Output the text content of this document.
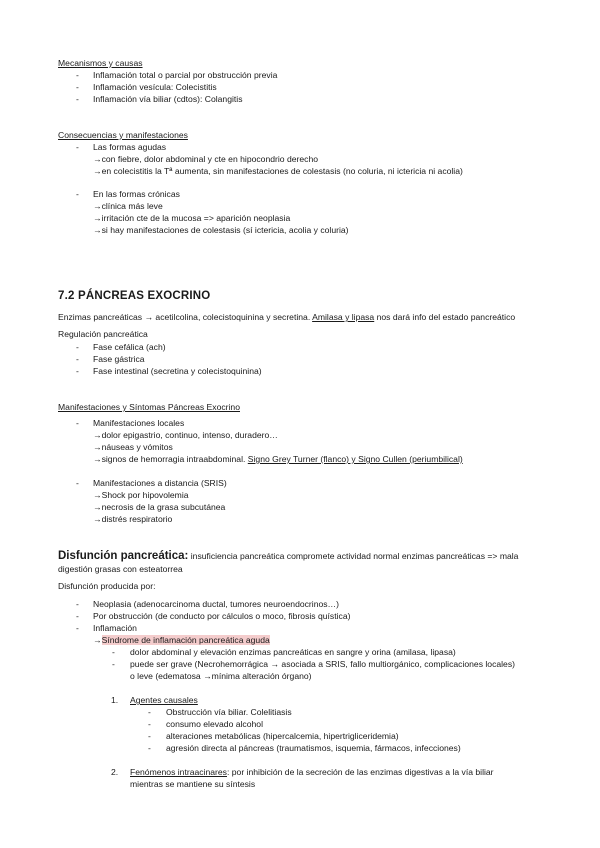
Mecanismos y causas
- Inflamación total o parcial por obstrucción previa
- Inflamación vesícula: Colecistitis
- Inflamación vía biliar (cdtos): Colangitis
Consecuencias y manifestaciones
- Las formas agudas
→con fiebre, dolor abdominal y cte en hipocondrio derecho
→en colecistitis la Tª aumenta, sin manifestaciones de colestasis (no coluria, ni ictericia ni acolia)
- En las formas crónicas
→clínica más leve
→irritación cte de la mucosa => aparición neoplasia
→si hay manifestaciones de colestasis (sí ictericia, acolia y coluria)
7.2 PÁNCREAS EXOCRINO
Enzimas pancreáticas → acetilcolina, colecistoquinina y secretina. Amilasa y lipasa nos dará info del estado pancreático
Regulación pancreática
- Fase cefálica (ach)
- Fase gástrica
- Fase intestinal (secretina y colecistoquinina)
Manifestaciones y Síntomas Páncreas Exocrino
- Manifestaciones locales
→dolor epigastrio, continuo, intenso, duradero…
→náuseas y vómitos
→signos de hemorragia intraabdominal. Signo Grey Turner (flanco) y Signo Cullen (periumbilical)
- Manifestaciones a distancia (SRIS)
→Shock por hipovolemia
→necrosis de la grasa subcutánea
→distrés respiratorio
Disfunción pancreática: insuficiencia pancreática compromete actividad normal enzimas pancreáticas => mala
digestión grasas con esteatorrea
Disfunción producida por:
- Neoplasia (adenocarcinoma ductal, tumores neuroendocrinos…)
- Por obstrucción (de conducto por cálculos o moco, fibrosis quística)
- Inflamación
→Síndrome de inflamación pancreática aguda
- dolor abdominal y elevación enzimas pancreáticas en sangre y orina (amilasa, lipasa)
- puede ser grave (Necrohemorrágica → asociada a SRIS, fallo multiorgánico, complicaciones locales)
o leve (edematosa →mínima alteración órgano)
1. Agentes causales
- Obstrucción vía biliar. Colelitiasis
- consumo elevado alcohol
- alteraciones metabólicas (hipercalcemia, hipertrigliceridemia)
- agresión directa al páncreas (traumatismos, isquemia, fármacos, infecciones)
2. Fenómenos intraacinares: por inhibición de la secreción de las enzimas digestivas a la vía biliar
mientras se mantiene su síntesis
